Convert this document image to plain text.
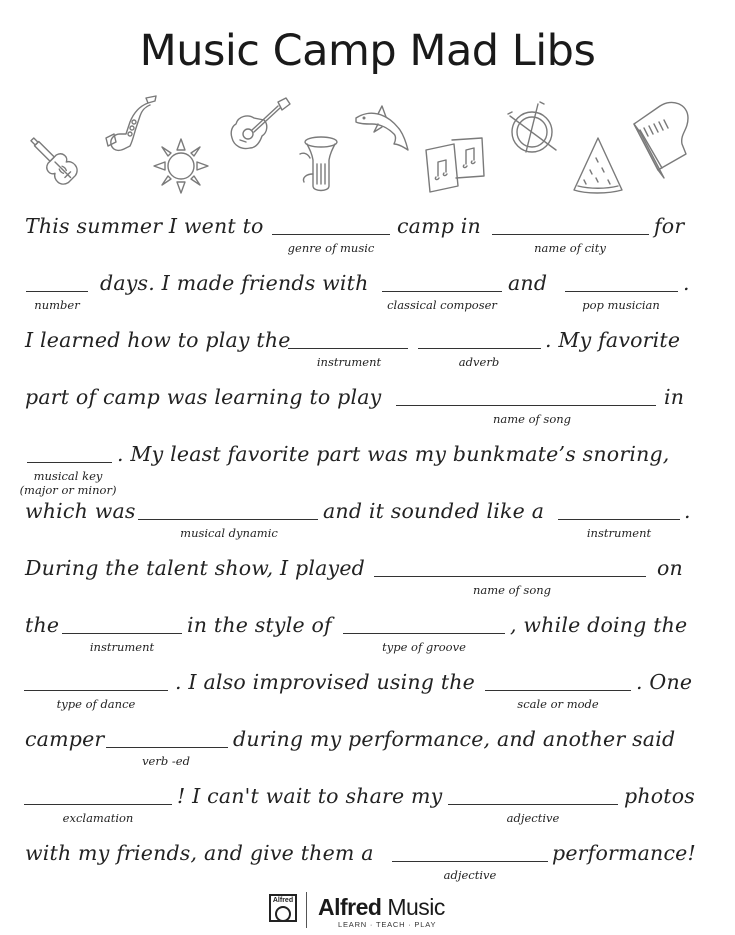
Music Camp Mad Libs
This summer I went to
genre of music
camp in
name of city
for
number
days. I made friends with
classical composer
and
pop musician
.
I learned how to play the
instrument	adverb
. My favorite
part of camp was learning to play
name of song
in
musical key
(major or minor)
. My least favorite part was my bunkmate’s snoring,
which was
musical dynamic
and it sounded like a
instrument
.
During the talent show, I played
name of song
on
the
instrument
in the style of
type of groove
, while doing the
type of dance
. I also improvised using the
scale or mode
. One
camper
verb -ed
during my performance, and another said
exclamation
! I can't wait to share my
adjective
photos
with my friends, and give them a
adjective
performance!
Alfred Alfred Music
LEARN · TEACH · PLAY
